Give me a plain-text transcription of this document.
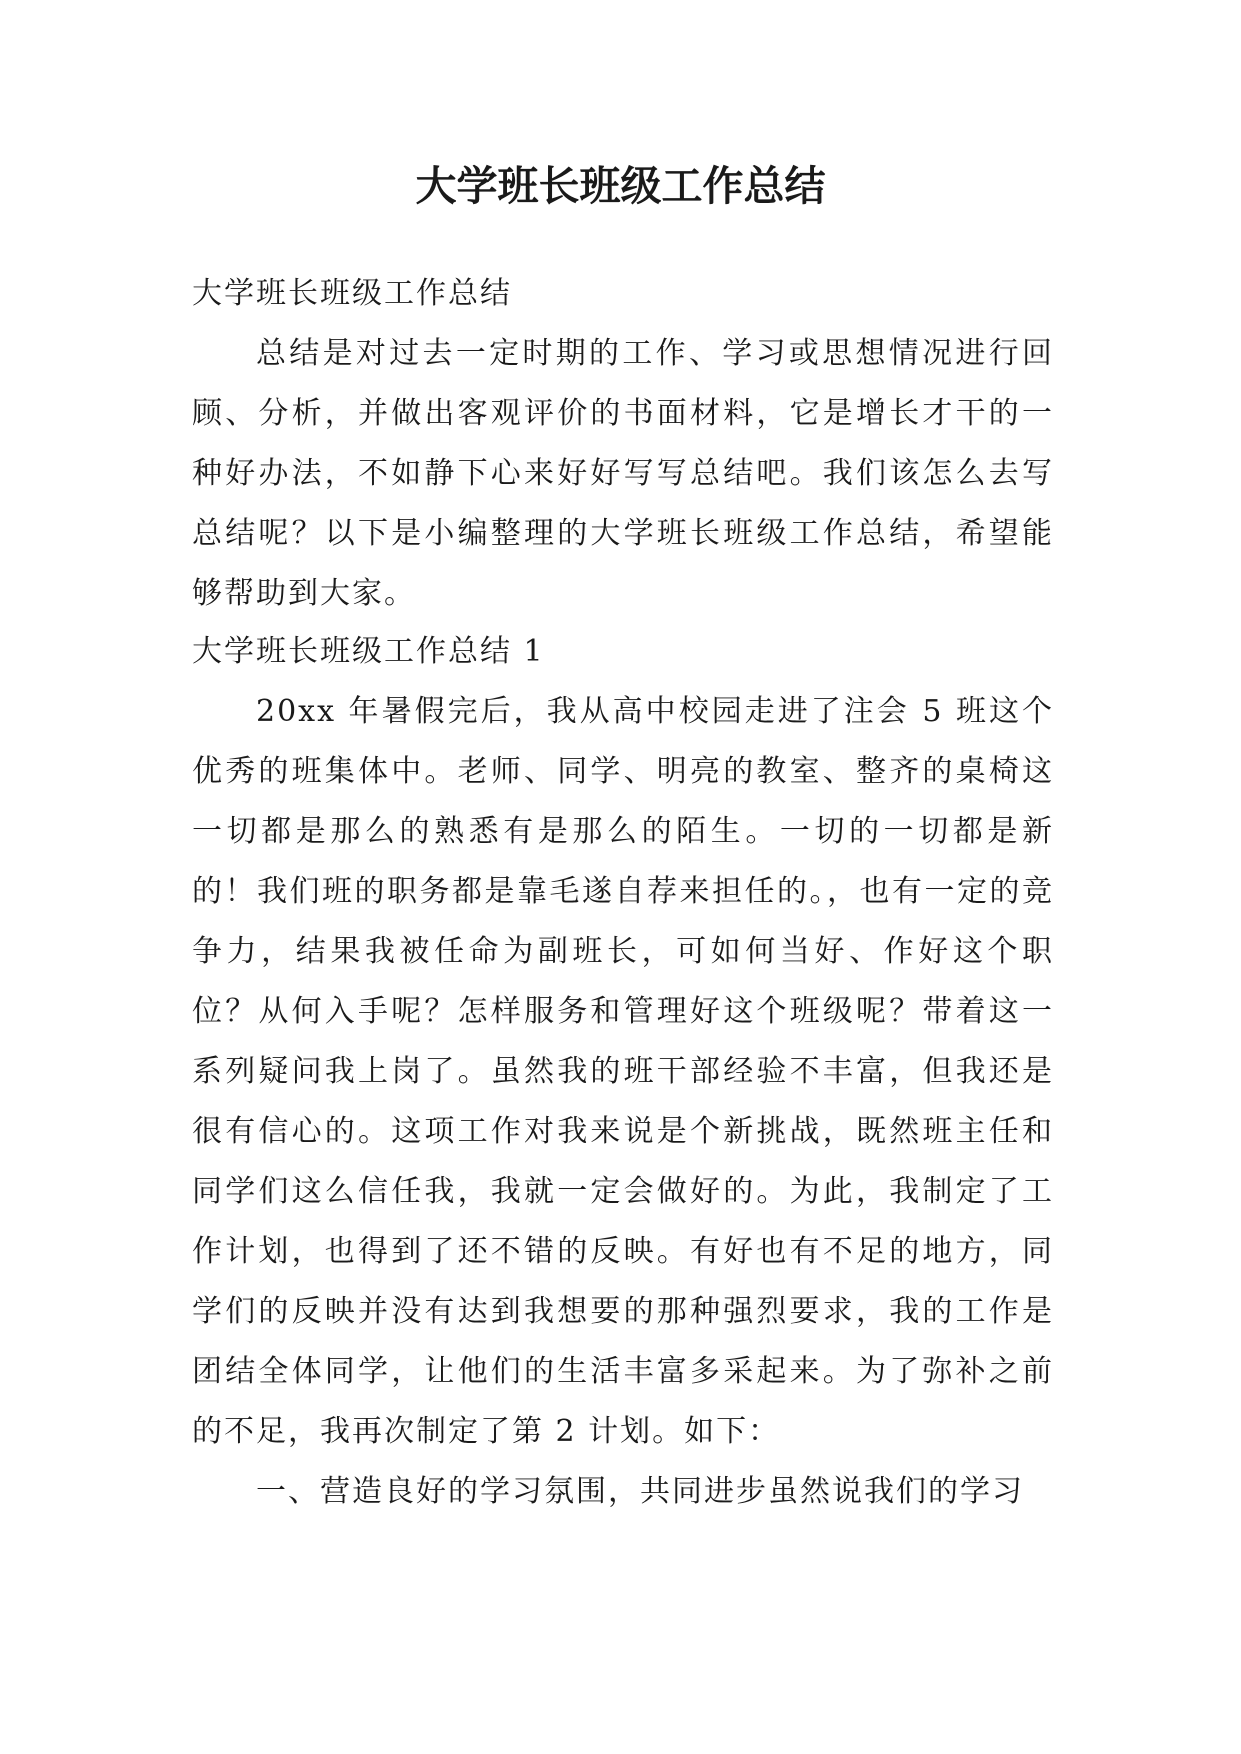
大学班长班级工作总结

大学班长班级工作总结

总结是对过去一定时期的工作、学习或思想情况进行回顾、分析，并做出客观评价的书面材料，它是增长才干的一种好办法，不如静下心来好好写写总结吧。我们该怎么去写总结呢？以下是小编整理的大学班长班级工作总结，希望能够帮助到大家。

大学班长班级工作总结 1

20xx 年暑假完后，我从高中校园走进了注会 5 班这个优秀的班集体中。老师、同学、明亮的教室、整齐的桌椅这一切都是那么的熟悉有是那么的陌生。一切的一切都是新的！我们班的职务都是靠毛遂自荐来担任的。，也有一定的竞争力，结果我被任命为副班长，可如何当好、作好这个职位？从何入手呢？怎样服务和管理好这个班级呢？带着这一系列疑问我上岗了。虽然我的班干部经验不丰富，但我还是很有信心的。这项工作对我来说是个新挑战，既然班主任和同学们这么信任我，我就一定会做好的。为此，我制定了工作计划，也得到了还不错的反映。有好也有不足的地方，同学们的反映并没有达到我想要的那种强烈要求，我的工作是团结全体同学，让他们的生活丰富多采起来。为了弥补之前的不足，我再次制定了第 2 计划。如下：

一、营造良好的学习氛围，共同进步虽然说我们的学习
